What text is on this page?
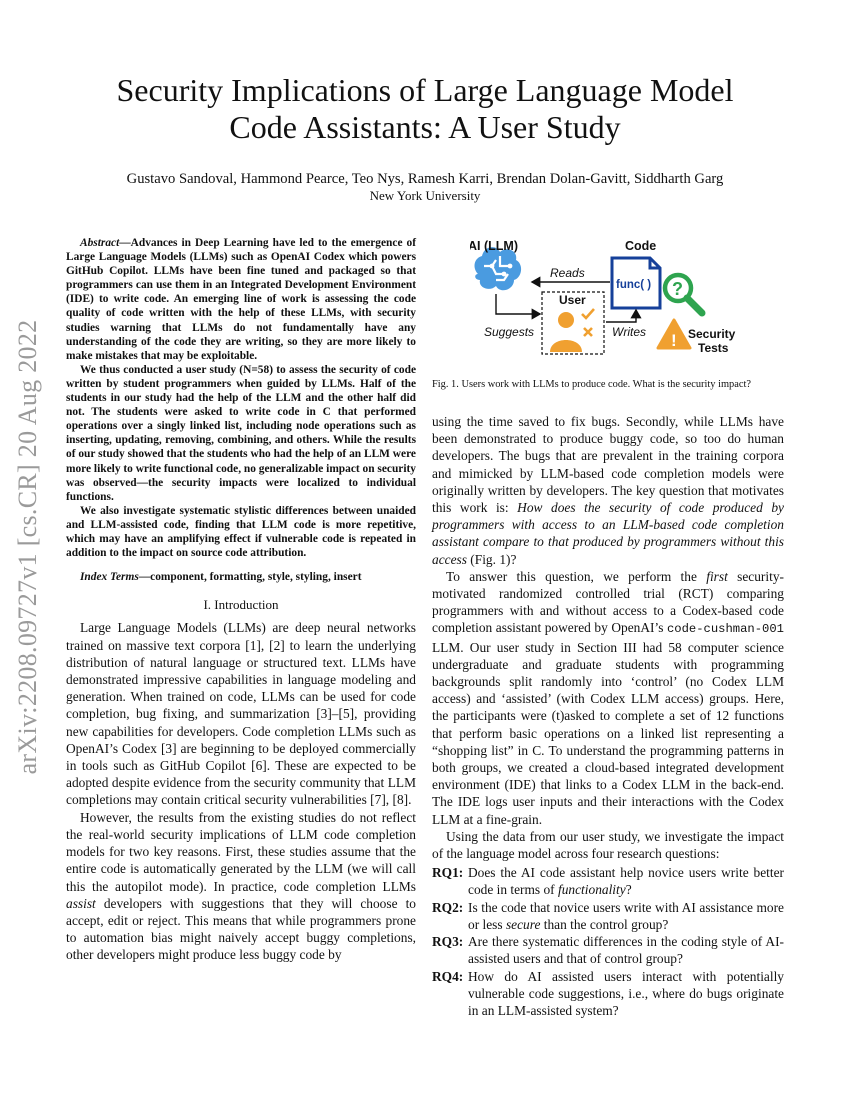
arXiv:2208.09727v1 [cs.CR] 20 Aug 2022
Security Implications of Large Language Model
Code Assistants: A User Study
Gustavo Sandoval, Hammond Pearce, Teo Nys, Ramesh Karri, Brendan Dolan-Gavitt, Siddharth Garg
New York University

Abstract—Advances in Deep Learning have led to the emergence of Large Language Models (LLMs) such as OpenAI Codex which powers GitHub Copilot. LLMs have been fine tuned and packaged so that programmers can use them in an Integrated Development Environment (IDE) to write code. An emerging line of work is assessing the code quality of code written with the help of these LLMs, with security studies warning that LLMs do not fundamentally have any understanding of the code they are writing, so they are more likely to make mistakes that may be exploitable.

We thus conducted a user study (N=58) to assess the security of code written by student programmers when guided by LLMs. Half of the students in our study had the help of the LLM and the other half did not. The students were asked to write code in C that performed operations over a singly linked list, including node operations such as inserting, updating, removing, combining, and others. While the results of our study showed that the students who had the help of an LLM were more likely to write functional code, no generalizable impact on security was observed—the security impacts were localized to individual functions.

We also investigate systematic stylistic differences between unaided and LLM-assisted code, finding that LLM code is more repetitive, which may have an amplifying effect if vulnerable code is repeated in addition to the impact on source code attribution.

Index Terms—component, formatting, style, styling, insert

I. Introduction

Large Language Models (LLMs) are deep neural networks trained on massive text corpora [1], [2] to learn the underlying distribution of natural language or structured text. LLMs have demonstrated impressive capabilities in language modeling and generation. When trained on code, LLMs can be used for code completion, bug fixing, and summarization [3]–[5], providing new capabilities for developers. Code completion LLMs such as OpenAI’s Codex [3] are beginning to be deployed commercially in tools such as GitHub Copilot [6]. These are expected to be adopted despite evidence from the security community that LLM completions may contain critical security vulnerabilities [7], [8].

However, the results from the existing studies do not reflect the real-world security implications of LLM code completion models for two key reasons. First, these studies assume that the entire code is automatically generated by the LLM (we will call this the autopilot mode). In practice, code completion LLMs assist developers with suggestions that they will choose to accept, edit or reject. This means that while programmers prone to automation bias might naively accept buggy completions, other developers might produce less buggy code by

AI (LLM)
func( )
Code
Reads
User
Suggests	Writes
?
! Security
Tests
Fig. 1. Users work with LLMs to produce code. What is the security impact?

using the time saved to fix bugs. Secondly, while LLMs have been demonstrated to produce buggy code, so too do human developers. The bugs that are prevalent in the training corpora and mimicked by LLM-based code completion models were originally written by developers. The key question that motivates this work is: How does the security of code produced by programmers with access to an LLM-based code completion assistant compare to that produced by programmers without this access (Fig. 1)?

To answer this question, we perform the first security-motivated randomized controlled trial (RCT) comparing programmers with and without access to a Codex-based code completion assistant powered by OpenAI’s code-cushman-001 LLM. Our user study in Section III had 58 computer science undergraduate and graduate students with programming backgrounds split randomly into ‘control’ (no Codex LLM access) and ‘assisted’ (with Codex LLM access) groups. Here, the participants were (t)asked to complete a set of 12 functions that perform basic operations on a linked list representing a “shopping list” in C. To understand the programming patterns in both groups, we created a cloud-based integrated development environment (IDE) that links to a Codex LLM in the back-end. The IDE logs user inputs and their interactions with the Codex LLM at a fine-grain.

Using the data from our user study, we investigate the impact of the language model across four research questions:

RQ1: Does the AI code assistant help novice users write better code in terms of functionality?
RQ2: Is the code that novice users write with AI assistance more or less secure than the control group?
RQ3: Are there systematic differences in the coding style of AI-assisted users and that of control group?
RQ4: How do AI assisted users interact with potentially vulnerable code suggestions, i.e., where do bugs originate in an LLM-assisted system?
